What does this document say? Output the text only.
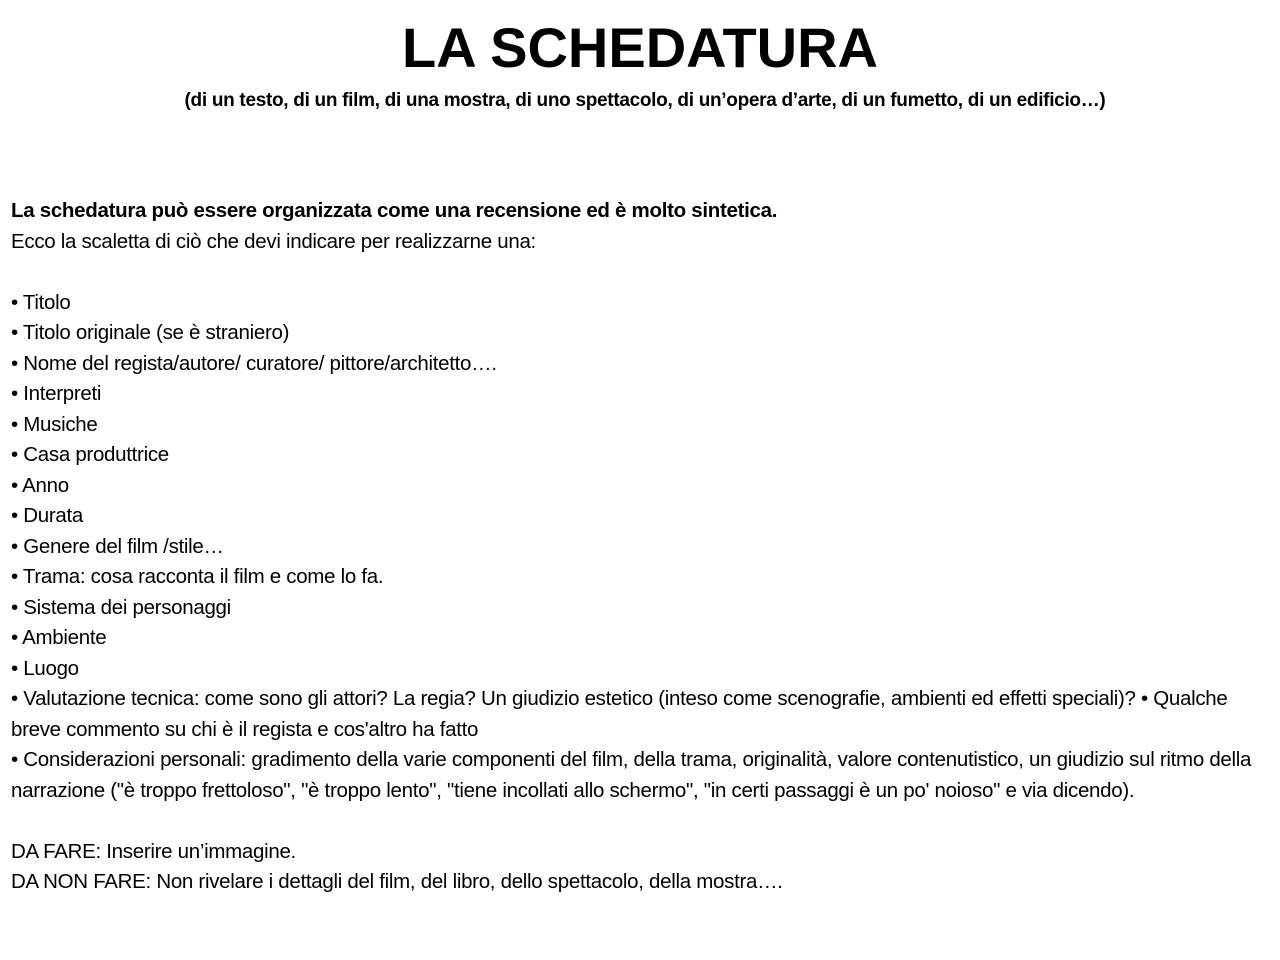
LA SCHEDATURA
(di un testo, di un film, di una mostra, di uno spettacolo, di un’opera d’arte, di un fumetto, di un edificio…)
La schedatura può essere organizzata come una recensione ed è molto sintetica.
Ecco la scaletta di ciò che devi indicare per realizzarne una:
• Titolo
• Titolo originale (se è straniero)
• Nome del regista/autore/ curatore/ pittore/architetto….
• Interpreti
• Musiche
• Casa produttrice
• Anno
• Durata
• Genere del film /stile…
• Trama: cosa racconta il film e come lo fa.
• Sistema dei personaggi
• Ambiente
• Luogo
• Valutazione tecnica: come sono gli attori? La regia? Un giudizio estetico (inteso come scenografie, ambienti ed effetti speciali)? • Qualche breve commento su chi è il regista e cos'altro ha fatto
• Considerazioni personali: gradimento della varie componenti del film, della trama, originalità, valore contenutistico, un giudizio sul ritmo della narrazione ("è troppo frettoloso", "è troppo lento", "tiene incollati allo schermo", "in certi passaggi è un po' noioso" e via dicendo).
DA FARE: Inserire un’immagine.
DA NON FARE: Non rivelare i dettagli del film, del libro, dello spettacolo, della mostra….
